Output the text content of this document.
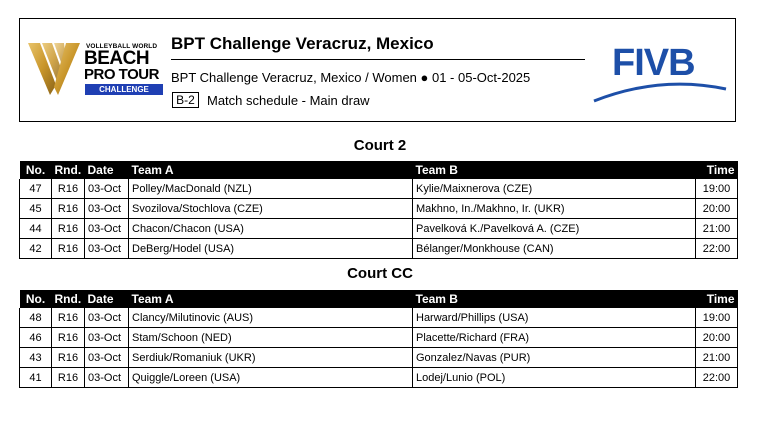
VOLLEYBALL WORLD
BEACH
PRO TOUR
CHALLENGE
BPT Challenge Veracruz, Mexico
BPT Challenge Veracruz, Mexico / Women ● 01 - 05-Oct-2025
B-2 Match schedule - Main draw
FIVB
Court 2
No.	Rnd.	Date	Team A	Team B	Time
47	R16	03-Oct	Polley/MacDonald (NZL)	Kylie/Maixnerova (CZE)	19:00
45	R16	03-Oct	Svozilova/Stochlova (CZE)	Makhno, In./Makhno, Ir. (UKR)	20:00
44	R16	03-Oct	Chacon/Chacon (USA)	Pavelková K./Pavelková A. (CZE)	21:00
42	R16	03-Oct	DeBerg/Hodel (USA)	Bélanger/Monkhouse (CAN)	22:00
Court CC
No.	Rnd.	Date	Team A	Team B	Time
48	R16	03-Oct	Clancy/Milutinovic (AUS)	Harward/Phillips (USA)	19:00
46	R16	03-Oct	Stam/Schoon (NED)	Placette/Richard (FRA)	20:00
43	R16	03-Oct	Serdiuk/Romaniuk (UKR)	Gonzalez/Navas (PUR)	21:00
41	R16	03-Oct	Quiggle/Loreen (USA)	Lodej/Lunio (POL)	22:00
